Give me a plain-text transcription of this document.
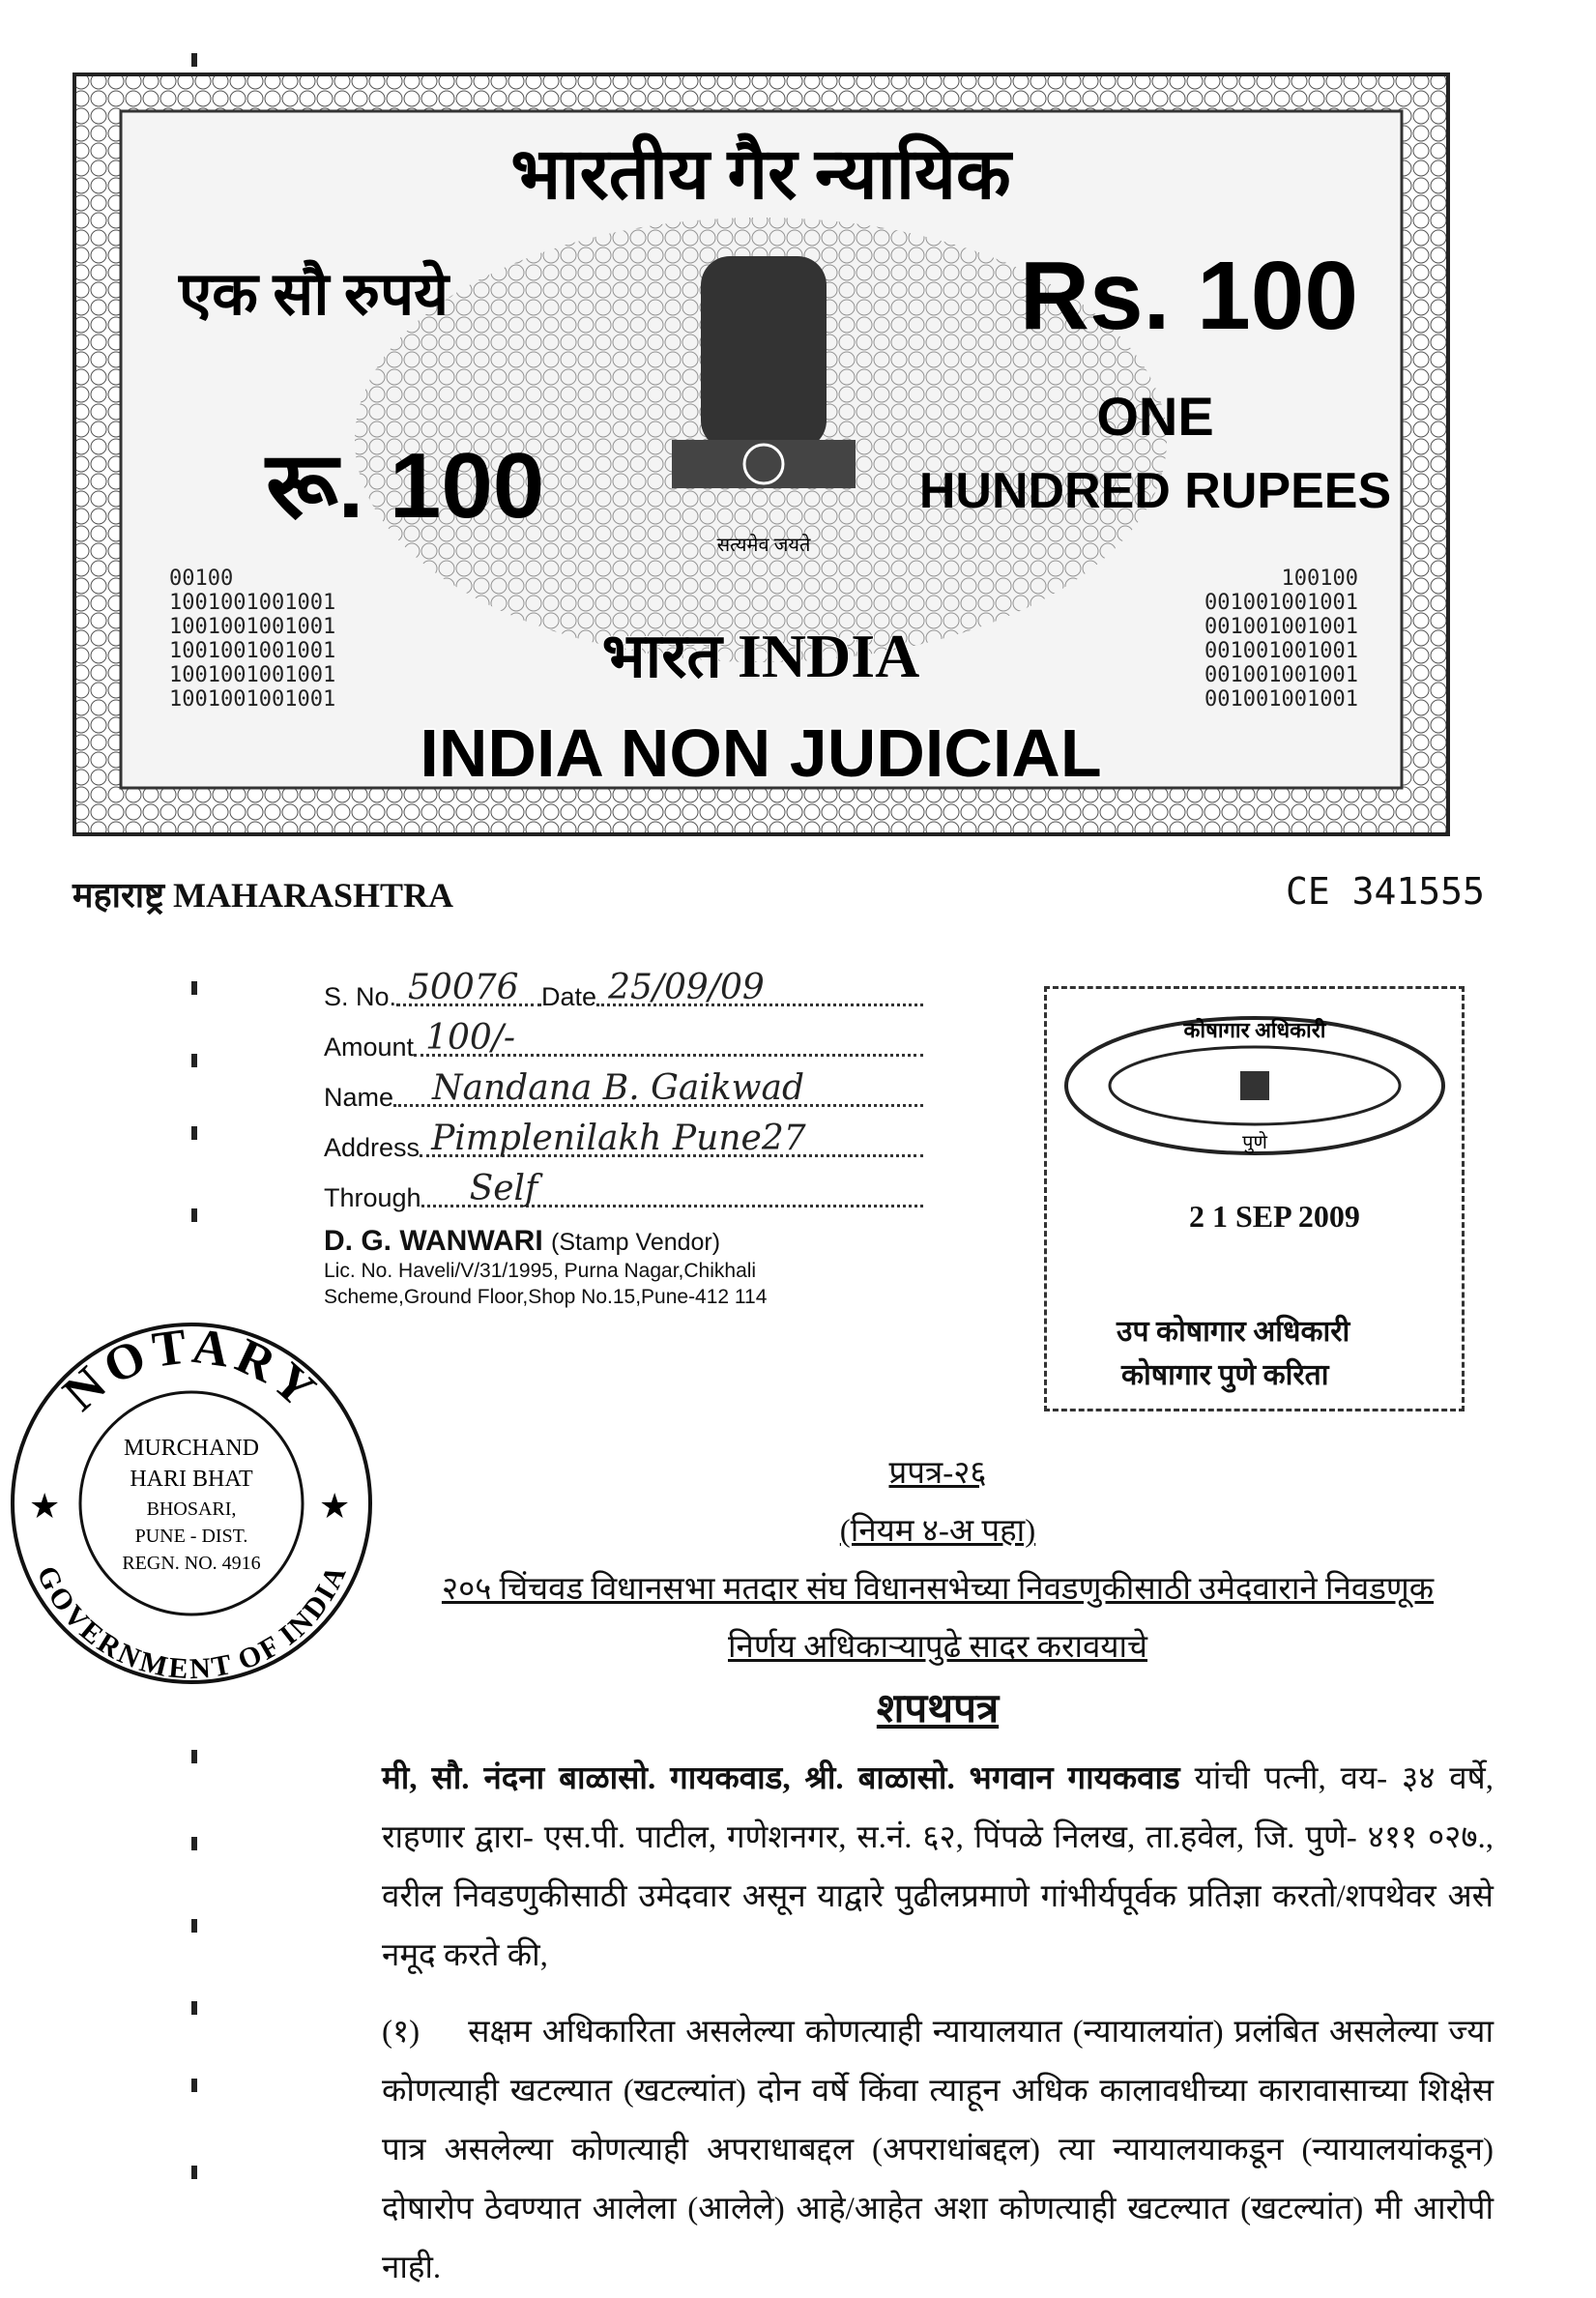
भारतीय गैर न्यायिक
एक सौ रुपये	Rs. 100
रू. 100
ONE
HUNDRED RUPEES
सत्यमेव जयते
00100
1001001001001
1001001001001
1001001001001
1001001001001
1001001001001
100100
001001001001
001001001001
001001001001
001001001001
001001001001
भारत INDIA
INDIA NON JUDICIAL
महाराष्ट्र MAHARASHTRA	CE 341555
S. No. 50076 Date 25/09/09
Amount 100/-
Name Nandana B. Gaikwad
Address Pimplenilakh Pune27
Through Self
D. G. WANWARI (Stamp Vendor)
Lic. No. Haveli/V/31/1995, Purna Nagar,Chikhali
Scheme,Ground Floor,Shop No.15,Pune-412 114
कोषागार अधिकारी
पुणे
2 1 SEP 2009
उप कोषागार अधिकारी
कोषागार पुणे करिता
NOTARY
GOVERNMENT OF INDIA
★	★
MURCHAND
HARI BHAT
BHOSARI,
PUNE - DIST.
REGN. NO. 4916
प्रपत्र-२६
(नियम ४-अ पहा)
२०५ चिंचवड विधानसभा मतदार संघ विधानसभेच्या निवडणुकीसाठी उमेदवाराने निवडणूक
निर्णय अधिकाऱ्यापुढे सादर करावयाचे
शपथपत्र
मी, सौ. नंदना बाळासो. गायकवाड, श्री. बाळासो. भगवान गायकवाड यांची पत्नी, वय- ३४ वर्षे, राहणार द्वारा- एस.पी. पाटील, गणेशनगर, स.नं. ६२, पिंपळे निलख, ता.हवेल, जि. पुणे- ४११ ०२७., वरील निवडणुकीसाठी उमेदवार असून याद्वारे पुढीलप्रमाणे गांभीर्यपूर्वक प्रतिज्ञा करतो/शपथेवर असे नमूद करते की,
(१) सक्षम अधिकारिता असलेल्या कोणत्याही न्यायालयात (न्यायालयांत) प्रलंबित असलेल्या ज्या कोणत्याही खटल्यात (खटल्यांत) दोन वर्षे किंवा त्याहून अधिक कालावधीच्या कारावासाच्या शिक्षेस पात्र असलेल्या कोणत्याही अपराधाबद्दल (अपराधांबद्दल) त्या न्यायालयाकडून (न्यायालयांकडून) दोषारोप ठेवण्यात आलेला (आलेले) आहे/आहेत अशा कोणत्याही खटल्यात (खटल्यांत) मी आरोपी नाही.
